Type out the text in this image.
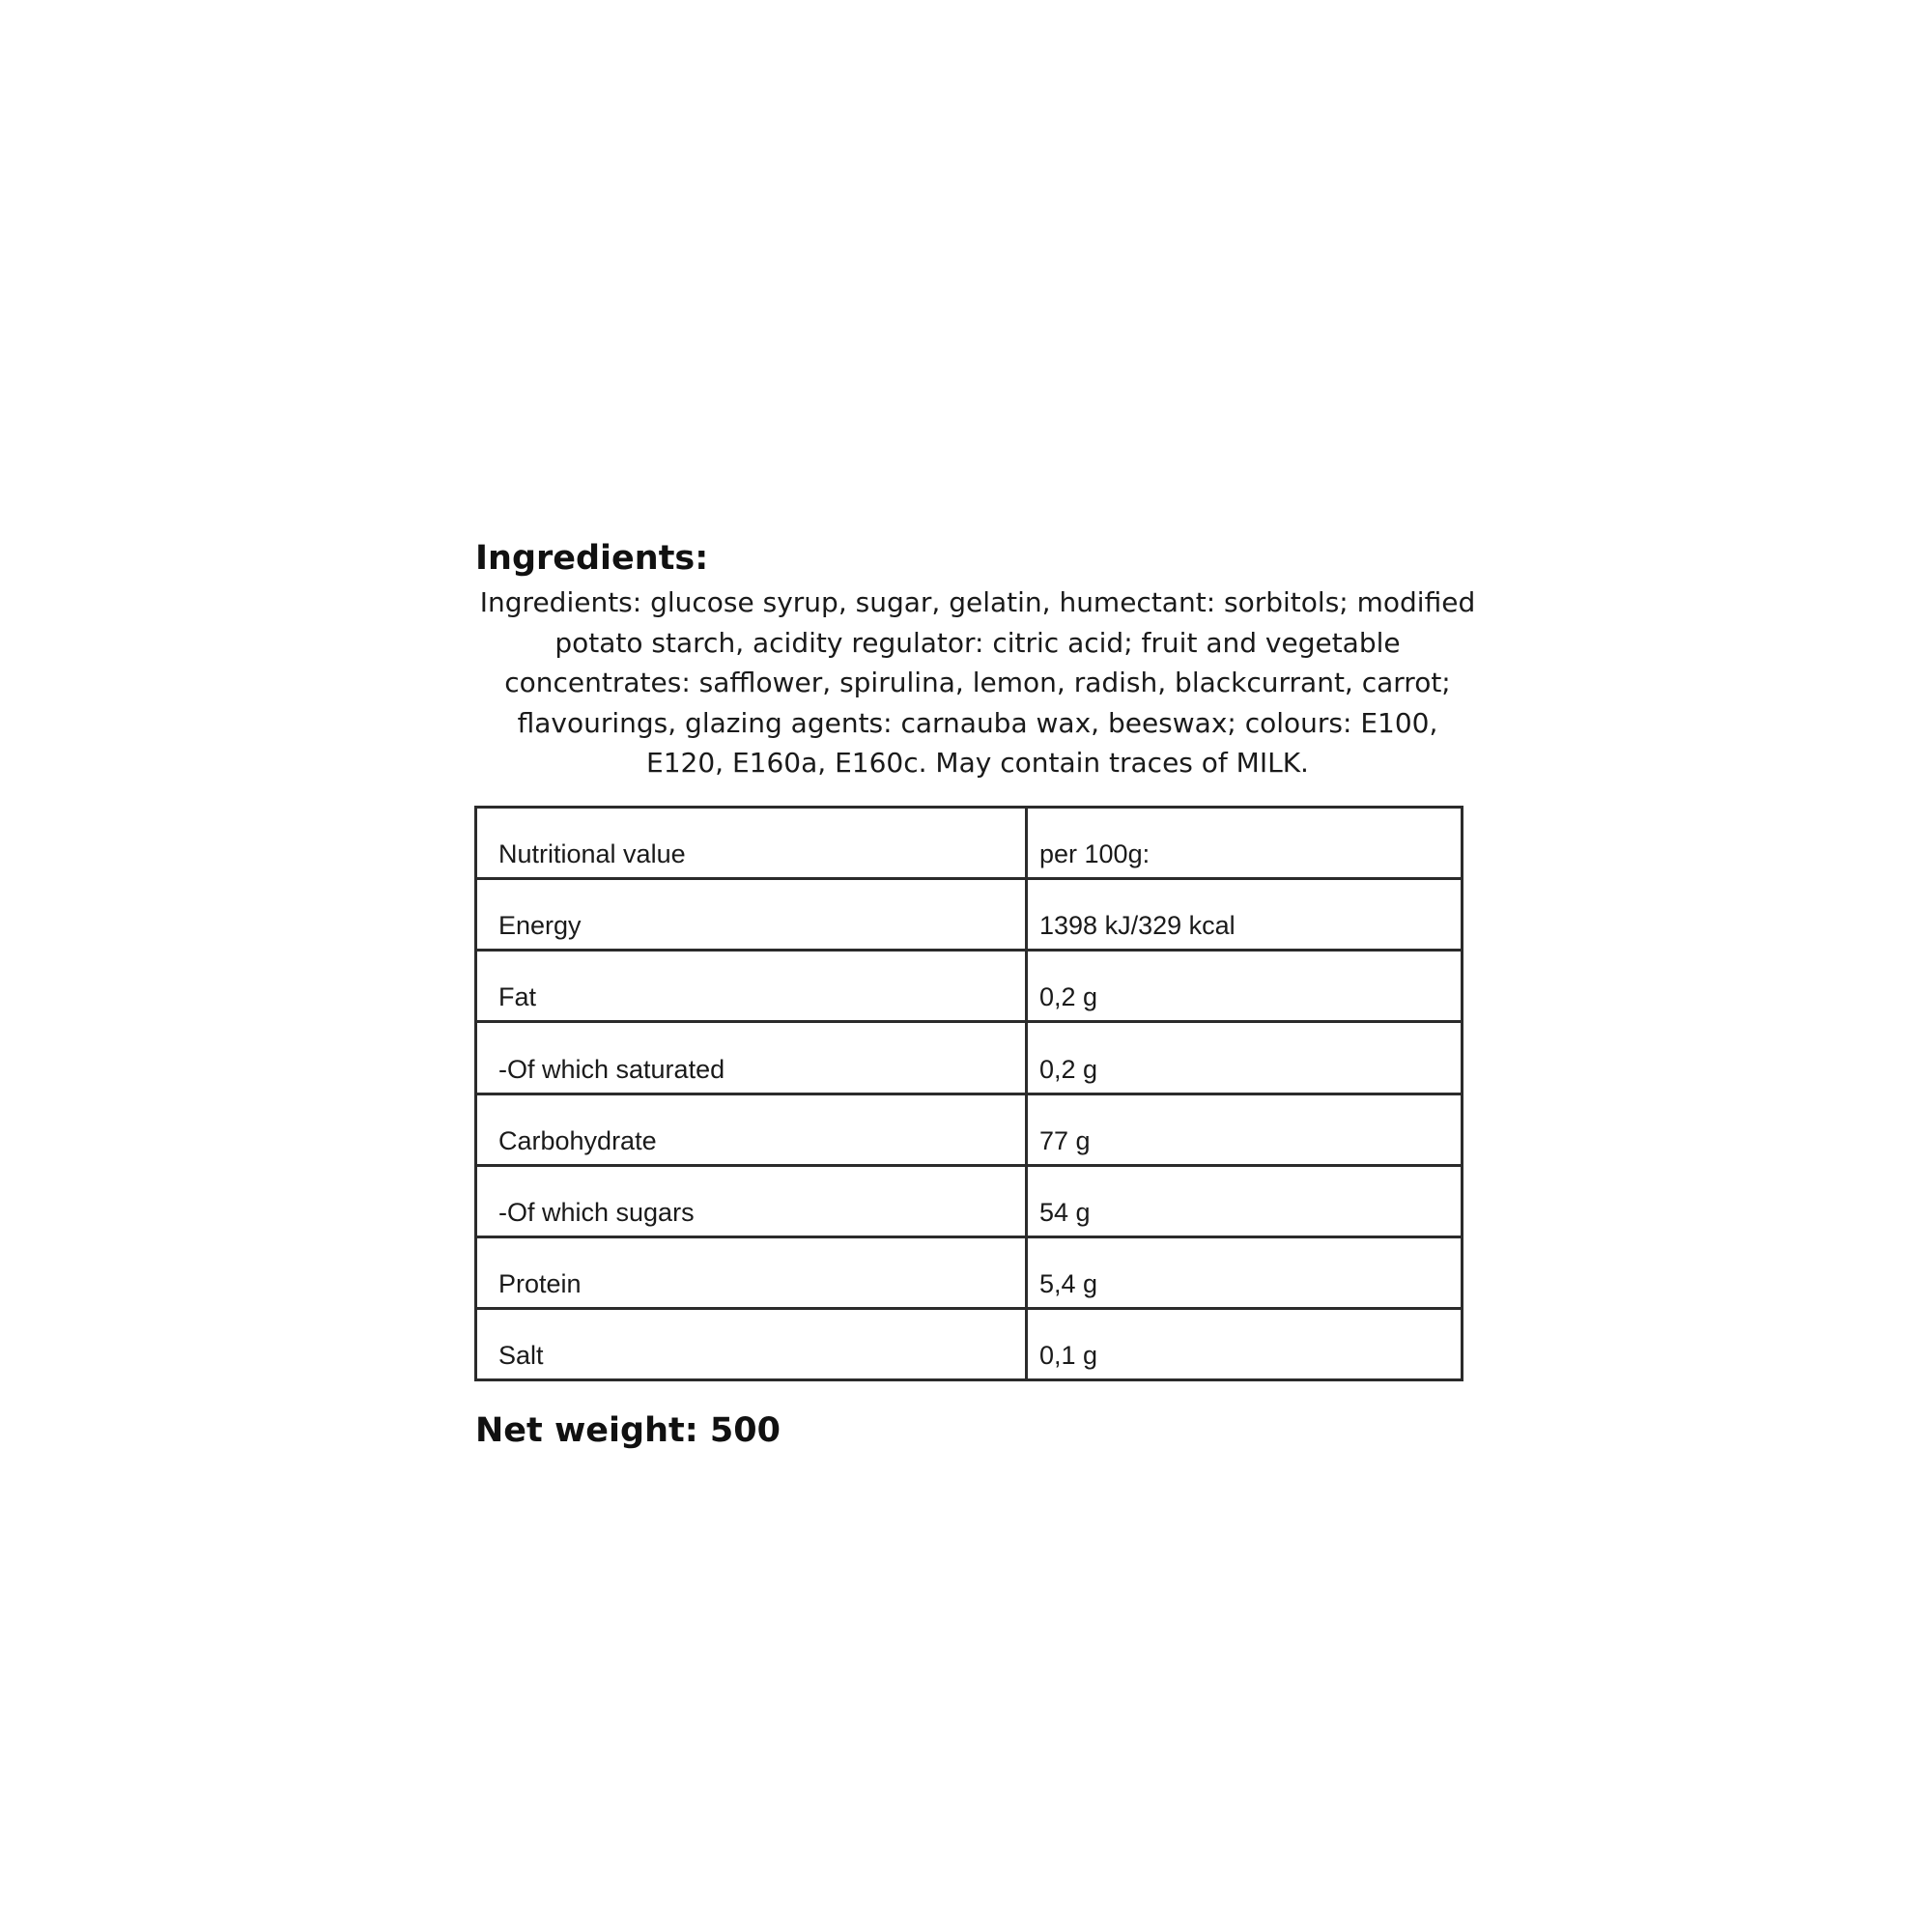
Ingredients:

Ingredients: glucose syrup, sugar, gelatin, humectant: sorbitols; modified potato starch, acidity regulator: citric acid; fruit and vegetable concentrates: safflower, spirulina, lemon, radish, blackcurrant, carrot; flavourings, glazing agents: carnauba wax, beeswax; colours: E100, E120, E160a, E160c. May contain traces of MILK.

Nutritional value	per 100g:
Energy	1398 kJ/329 kcal
Fat	0,2 g
-Of which saturated	0,2 g
Carbohydrate	77 g
-Of which sugars	54 g
Protein	5,4 g
Salt	0,1 g
Net weight: 500
